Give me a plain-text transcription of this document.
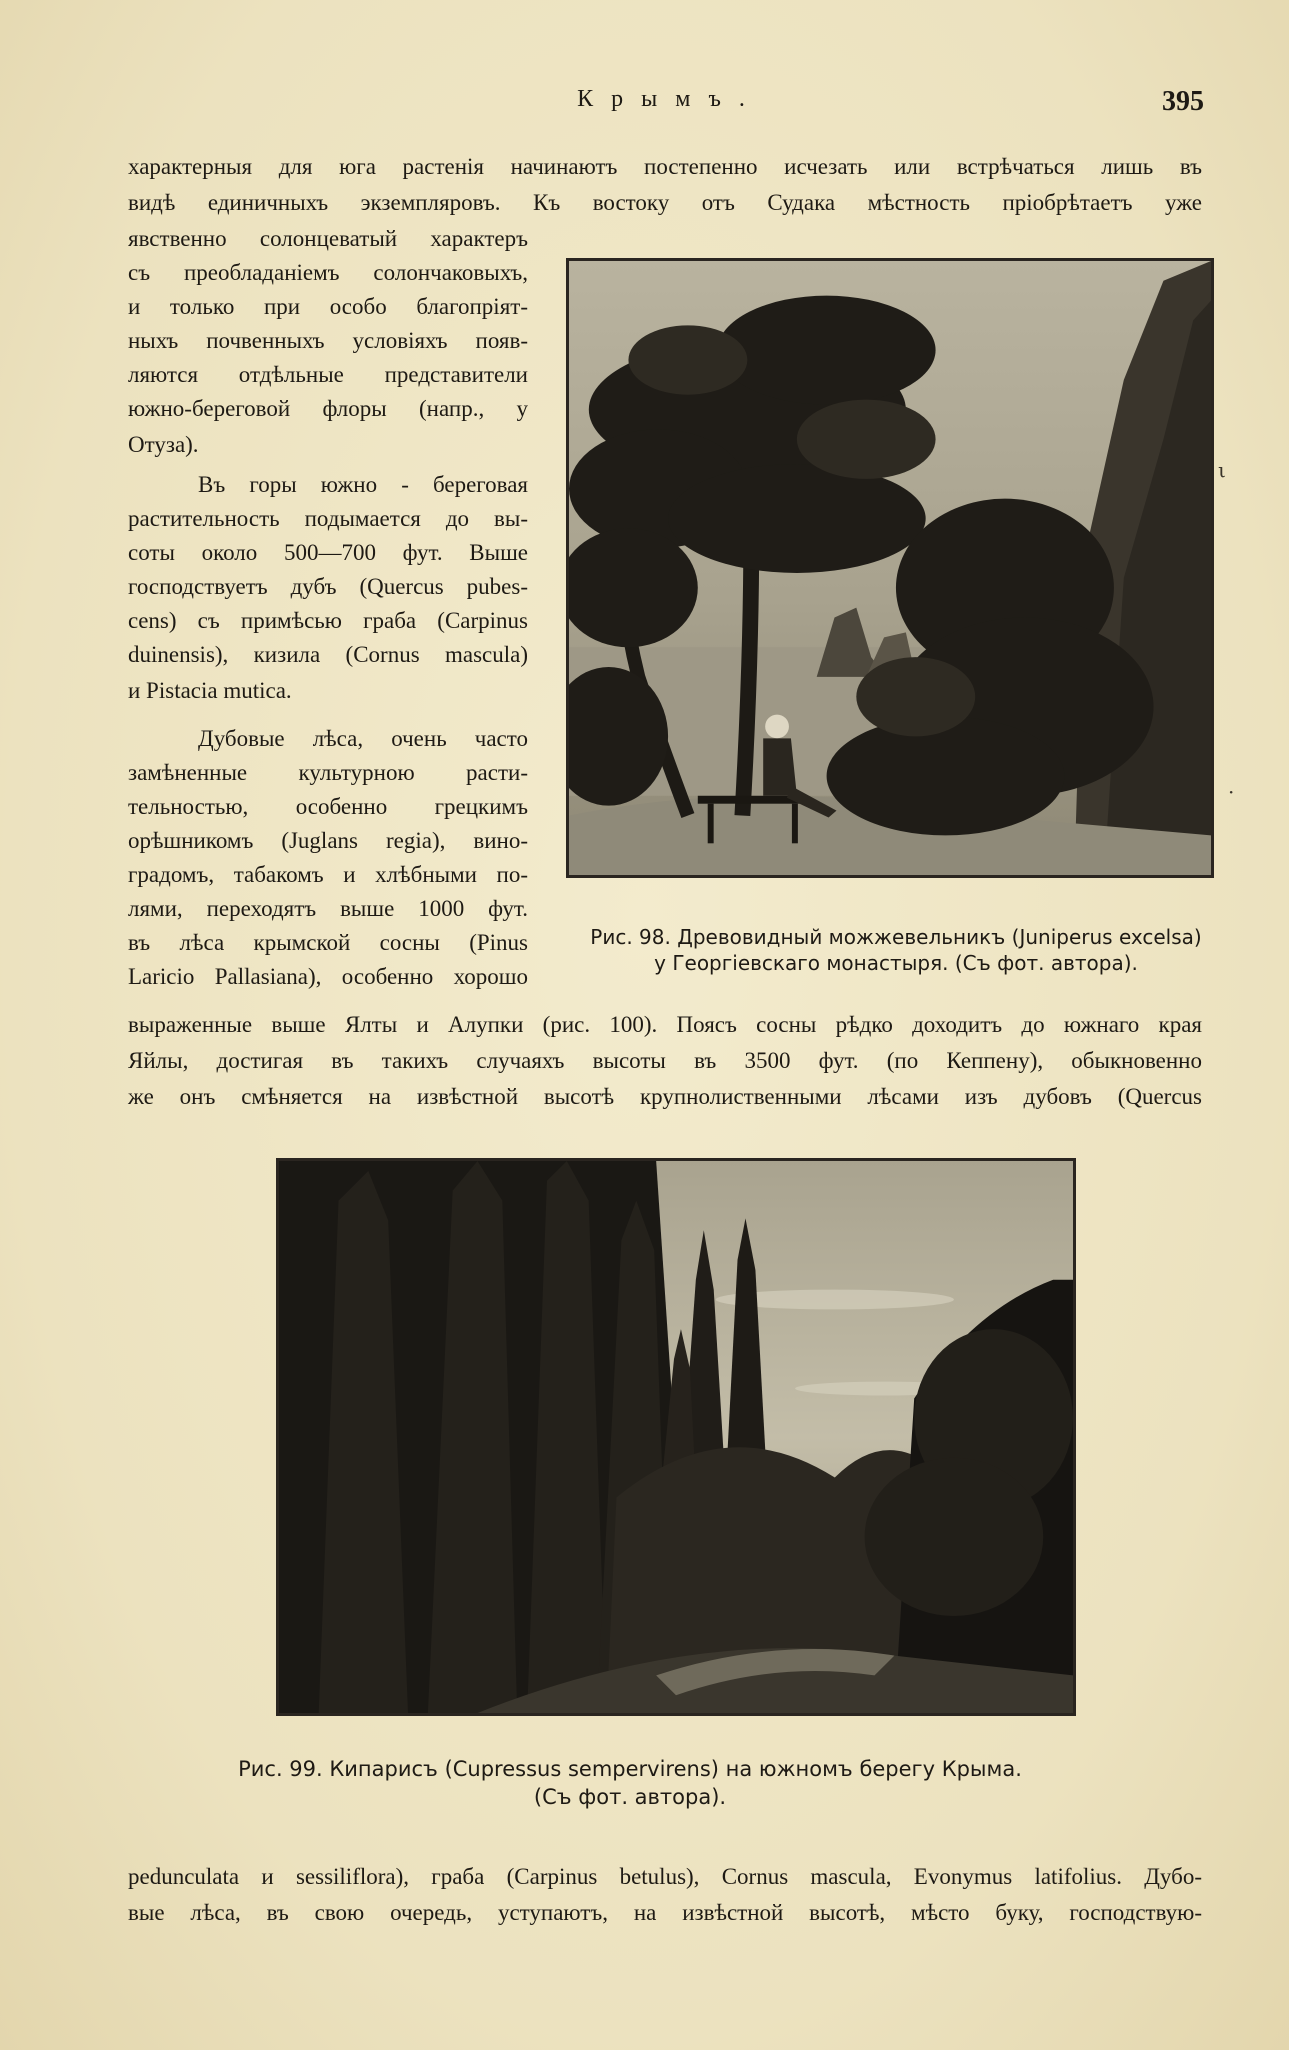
Крымъ.	395
характерныя для юга растенія начинаютъ постепенно исчезать или встрѣчаться лишь въ
видѣ единичныхъ экземпляровъ. Къ востоку отъ Судака мѣстность пріобрѣтаетъ уже
явственно солонцеватый характеръ
съ преобладаніемъ солончаковыхъ,
и только при особо благопріят-
ныхъ почвенныхъ условіяхъ появ-
ляются отдѣльные представители
южно-береговой флоры (напр., у
Отуза).
Въ горы южно - береговая
растительность подымается до вы-
соты около 500—700 фут. Выше
господствуетъ дубъ (Quercus pubes-
cens) съ примѣсью граба (Carpinus
duinensis), кизила (Cornus mascula)
и Pistacia mutica.
Дубовые лѣса, очень часто
замѣненные культурною расти-
тельностью, особенно грецкимъ
орѣшникомъ (Juglans regia), вино-
градомъ, табакомъ и хлѣбными по-
лями, переходятъ выше 1000 фут.
въ лѣса крымской сосны (Pinus
Laricio Pallasiana), особенно хорошо
Рис. 98. Древовидный можжевельникъ (Juniperus excelsa)
у Георгіевскаго монастыря. (Съ фот. автора).
выраженные выше Ялты и Алупки (рис. 100). Поясъ сосны рѣдко доходитъ до южнаго края
Яйлы, достигая въ такихъ случаяхъ высоты въ 3500 фут. (по Кеппену), обыкновенно
же онъ смѣняется на извѣстной высотѣ крупнолиственными лѣсами изъ дубовъ (Quercus
Рис. 99. Кипарисъ (Cupressus sempervirens) на южномъ берегу Крыма.
(Съ фот. автора).
pedunculata и sessiliflora), граба (Carpinus betulus), Cornus mascula, Evonymus latifolius. Дубо-
вые лѣса, въ свою очередь, уступаютъ, на извѣстной высотѣ, мѣсто буку, господствую-
ι
·
